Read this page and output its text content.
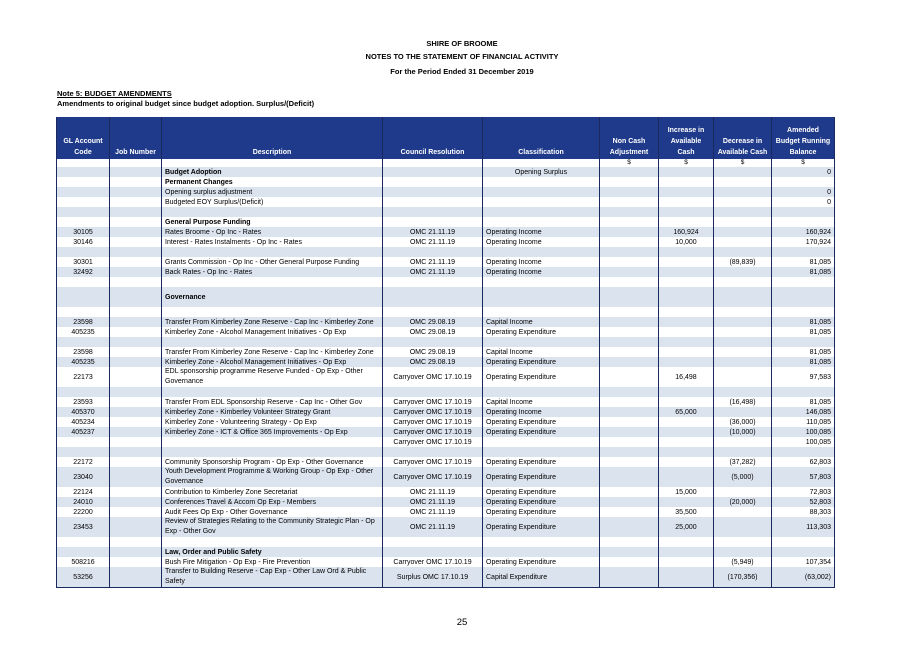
SHIRE OF BROOME
NOTES TO THE STATEMENT OF FINANCIAL ACTIVITY
For the Period Ended 31 December 2019
Note 5: BUDGET AMENDMENTS
Amendments to original budget since budget adoption. Surplus/(Deficit)
GL Account Code	Job Number	Description	Council Resolution	Classification	Non Cash Adjustment	Increase in Available Cash	Decrease in Available Cash	Amended Budget Running Balance
					$	$	$	$
		Budget Adoption		Opening Surplus				0
		Permanent Changes						
		Opening surplus adjustment						0
		Budgeted EOY Surplus/(Deficit)						0

		General Purpose Funding						
30105		Rates Broome - Op Inc - Rates	OMC 21.11.19	Operating Income		160,924		160,924
30146		Interest - Rates Instalments - Op Inc - Rates	OMC 21.11.19	Operating Income		10,000		170,924

30301		Grants Commission - Op Inc - Other General Purpose Funding	OMC 21.11.19	Operating Income			(89,839)	81,085
32492		Back Rates - Op Inc - Rates	OMC 21.11.19	Operating Income				81,085

		Governance						

23598		Transfer From Kimberley Zone Reserve - Cap Inc - Kimberley Zone	OMC 29.08.19	Capital Income				81,085
405235		Kimberley Zone - Alcohol Management Initiatives - Op Exp	OMC 29.08.19	Operating Expenditure				81,085

23598		Transfer From Kimberley Zone Reserve - Cap Inc - Kimberley Zone	OMC 29.08.19	Capital Income				81,085
405235		Kimberley Zone - Alcohol Management Initiatives - Op Exp	OMC 29.08.19	Operating Expenditure				81,085
22173		EDL sponsorship programme Reserve Funded - Op Exp - Other Governance	Carryover OMC 17.10.19	Operating Expenditure		16,498		97,583

23593		Transfer From EDL Sponsorship Reserve - Cap Inc - Other Gov	Carryover OMC 17.10.19	Capital Income			(16,498)	81,085
405370		Kimberley Zone - Kimberley Volunteer Strategy Grant	Carryover OMC 17.10.19	Operating Income		65,000		146,085
405234		Kimberley Zone - Volunteering Strategy - Op Exp	Carryover OMC 17.10.19	Operating Expenditure			(36,000)	110,085
405237		Kimberley Zone - ICT & Office 365 Improvements - Op Exp	Carryover OMC 17.10.19	Operating Expenditure			(10,000)	100,085
			Carryover OMC 17.10.19					100,085

22172		Community Sponsorship Program - Op Exp - Other Governance	Carryover OMC 17.10.19	Operating Expenditure			(37,282)	62,803
23040		Youth Development Programme & Working Group - Op Exp - Other Governance	Carryover OMC 17.10.19	Operating Expenditure			(5,000)	57,803
22124		Contribution to Kimberley Zone Secretariat	OMC 21.11.19	Operating Expenditure		15,000		72,803
24010		Conferences Travel & Accom Op Exp - Members	OMC 21.11.19	Operating Expenditure			(20,000)	52,803
22200		Audit Fees Op Exp - Other Governance	OMC 21.11.19	Operating Expenditure		35,500		88,303
23453		Review of Strategies Relating to the Community Strategic Plan - Op Exp - Other Gov	OMC 21.11.19	Operating Expenditure		25,000		113,303

		Law, Order and Public Safety						
508216		Bush Fire Mitigation - Op Exp - Fire Prevention	Carryover OMC 17.10.19	Operating Expenditure			(5,949)	107,354
53256		Transfer to Building Reserve - Cap Exp - Other Law Ord & Public Safety	Surplus OMC 17.10.19	Capital Expenditure			(170,356)	(63,002)
25
